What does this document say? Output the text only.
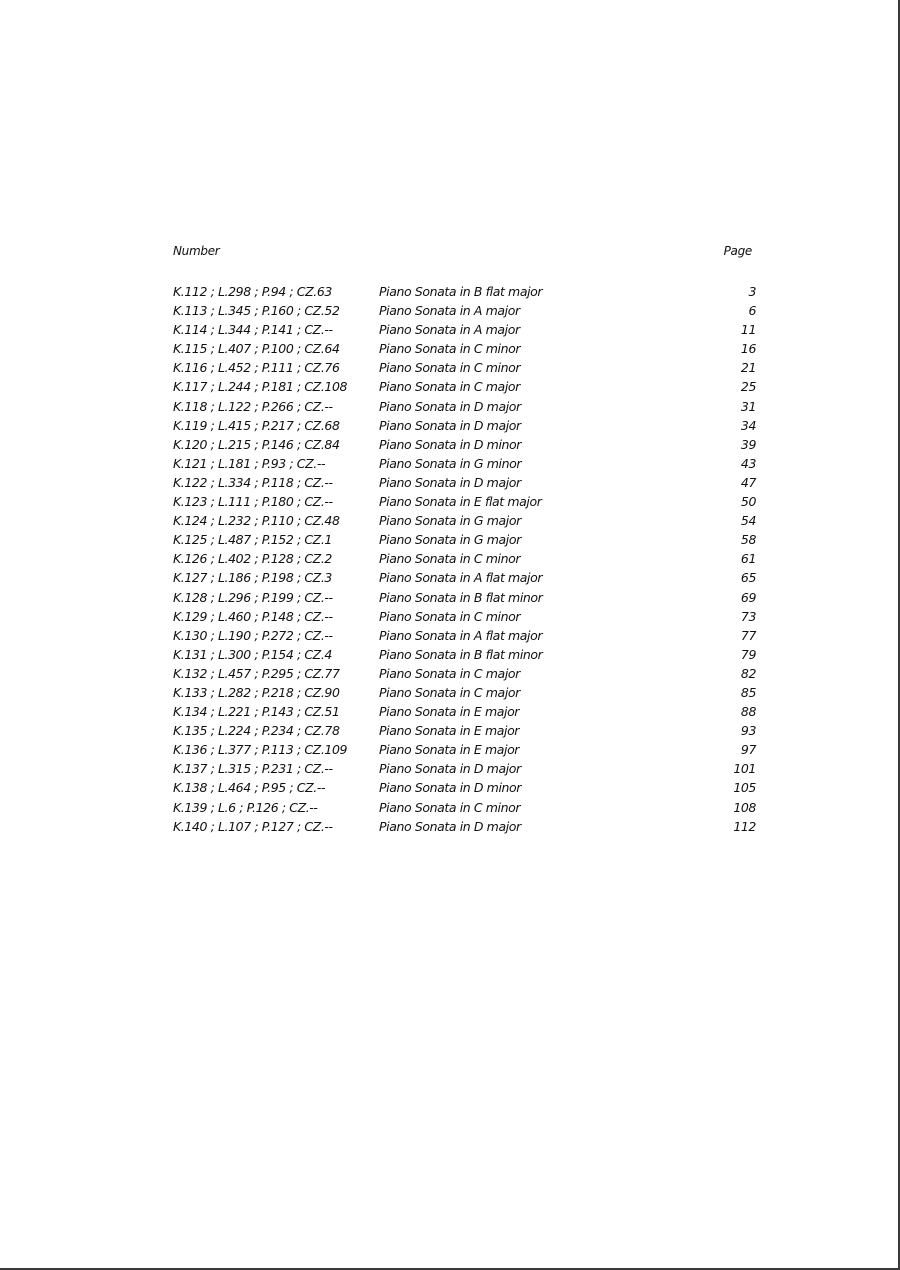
Number	Page
K.112 ; L.298 ; P.94 ; CZ.63	Piano Sonata in B flat major	3
K.113 ; L.345 ; P.160 ; CZ.52	Piano Sonata in A major	6
K.114 ; L.344 ; P.141 ; CZ.--	Piano Sonata in A major	11
K.115 ; L.407 ; P.100 ; CZ.64	Piano Sonata in C minor	16
K.116 ; L.452 ; P.111 ; CZ.76	Piano Sonata in C minor	21
K.117 ; L.244 ; P.181 ; CZ.108	Piano Sonata in C major	25
K.118 ; L.122 ; P.266 ; CZ.--	Piano Sonata in D major	31
K.119 ; L.415 ; P.217 ; CZ.68	Piano Sonata in D major	34
K.120 ; L.215 ; P.146 ; CZ.84	Piano Sonata in D minor	39
K.121 ; L.181 ; P.93 ; CZ.--	Piano Sonata in G minor	43
K.122 ; L.334 ; P.118 ; CZ.--	Piano Sonata in D major	47
K.123 ; L.111 ; P.180 ; CZ.--	Piano Sonata in E flat major	50
K.124 ; L.232 ; P.110 ; CZ.48	Piano Sonata in G major	54
K.125 ; L.487 ; P.152 ; CZ.1	Piano Sonata in G major	58
K.126 ; L.402 ; P.128 ; CZ.2	Piano Sonata in C minor	61
K.127 ; L.186 ; P.198 ; CZ.3	Piano Sonata in A flat major	65
K.128 ; L.296 ; P.199 ; CZ.--	Piano Sonata in B flat minor	69
K.129 ; L.460 ; P.148 ; CZ.--	Piano Sonata in C minor	73
K.130 ; L.190 ; P.272 ; CZ.--	Piano Sonata in A flat major	77
K.131 ; L.300 ; P.154 ; CZ.4	Piano Sonata in B flat minor	79
K.132 ; L.457 ; P.295 ; CZ.77	Piano Sonata in C major	82
K.133 ; L.282 ; P.218 ; CZ.90	Piano Sonata in C major	85
K.134 ; L.221 ; P.143 ; CZ.51	Piano Sonata in E major	88
K.135 ; L.224 ; P.234 ; CZ.78	Piano Sonata in E major	93
K.136 ; L.377 ; P.113 ; CZ.109	Piano Sonata in E major	97
K.137 ; L.315 ; P.231 ; CZ.--	Piano Sonata in D major	101
K.138 ; L.464 ; P.95 ; CZ.--	Piano Sonata in D minor	105
K.139 ; L.6 ; P.126 ; CZ.--	Piano Sonata in C minor	108
K.140 ; L.107 ; P.127 ; CZ.--	Piano Sonata in D major	112
